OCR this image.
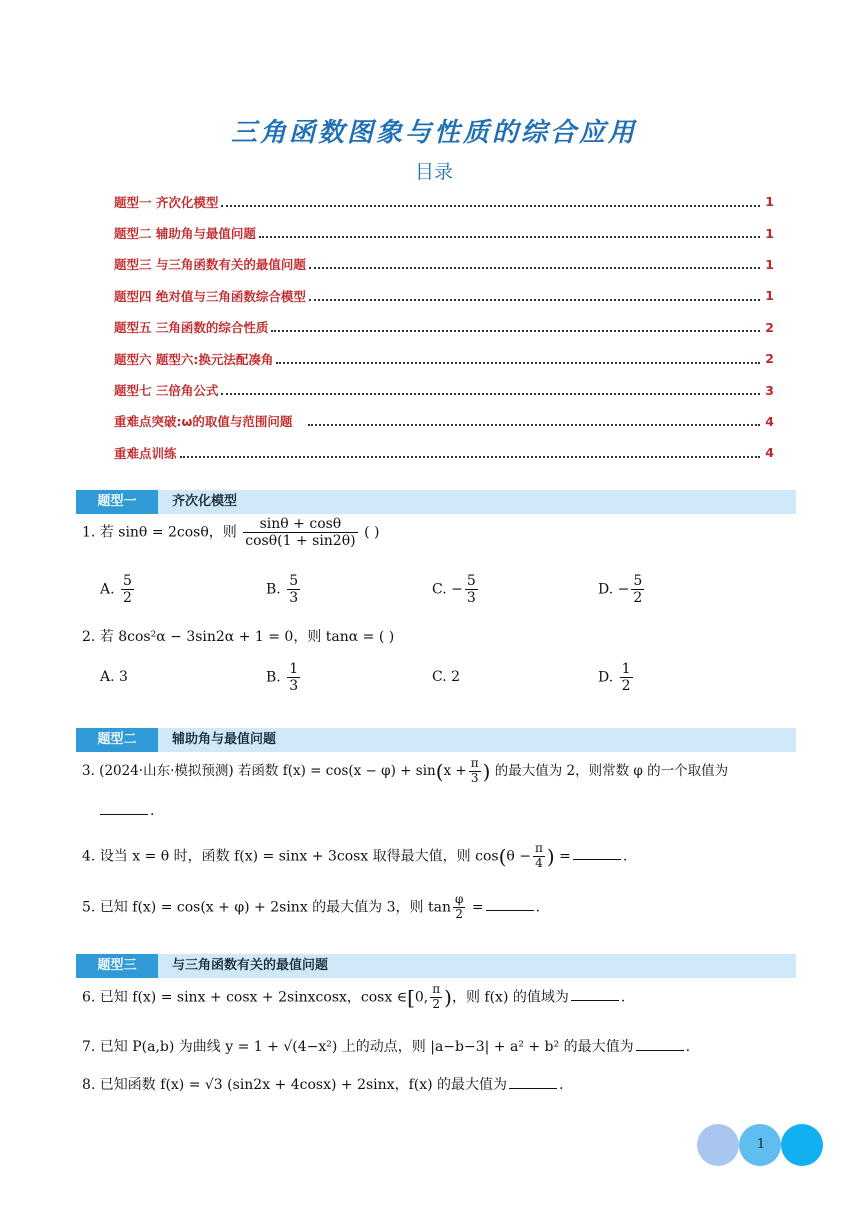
三角函数图象与性质的综合应用
目录
题型一 齐次化模型	1
题型二 辅助角与最值问题	1
题型三 与三角函数有关的最值问题	1
题型四 绝对值与三角函数综合模型	1
题型五 三角函数的综合性质	2
题型六 题型六:换元法配凑角	2
题型七 三倍角公式	3
重难点突破:ω的取值与范围问题	4
重难点训练	4
题型一	齐次化模型
1. 若 sinθ = 2cosθ，则 $\frac{\sin\theta + \cos\theta}{\cos\theta(1 + \sin 2\theta)}$ ( )
A. $\frac{5}{2}$	B. $\frac{5}{3}$	C. − $\frac{5}{3}$	D. − $\frac{5}{2}$
2. 若 8cos²α − 3sin2α + 1 = 0，则 tanα = ( )
A. 3	B. $\frac{1}{3}$	C. 2	D. $\frac{1}{2}$
题型二	辅助角与最值问题
3. (2024·山东·模拟预测) 若函数 $f(x) = \cos(x - \varphi) + \sin(x + \frac{\pi}{3}$ ) 的最大值为 2，则常数 φ 的一个取值为
.
4. 设当 x = θ 时，函数 f(x) = sinx + 3cosx 取得最大值，则 $\cos(\theta - \frac{\pi}{4}$ ) =	.
5. 已知 f(x) = cos(x + φ) + 2sinx 的最大值为 3，则 $\tan \frac{\varphi}{2}$ =	.
题型三	与三角函数有关的最值问题
6. 已知 f(x) = sinx + cosx + 2sinxcosx，cosx ∈[0, $\frac{\pi}{2}$ )，则 f(x) 的值域为	.
7. 已知 P(a,b) 为曲线 y = 1 + √(4−x²) 上的动点，则 |a−b−3| + a² + b² 的最大值为	.
8. 已知函数 f(x) = √3 (sin2x + 4cosx) + 2sinx，f(x) 的最大值为	.
1
